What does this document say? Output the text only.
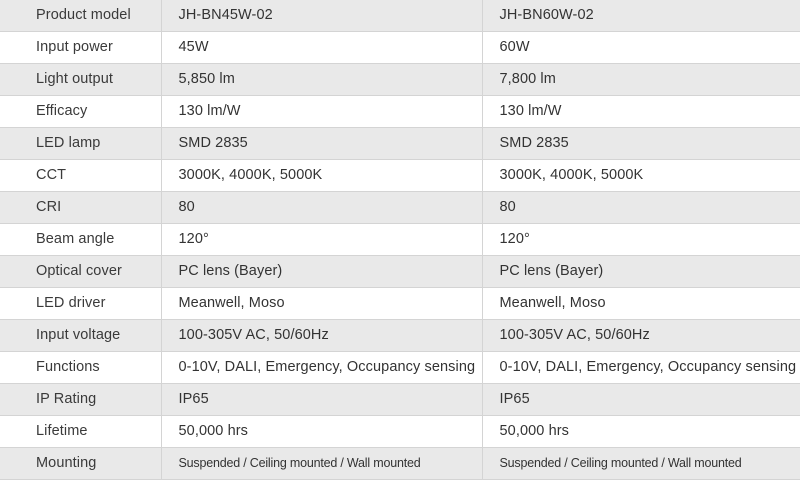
Product model	JH-BN45W-02	JH-BN60W-02
Input power	45W	60W
Light output	5,850 lm	7,800 lm
Efficacy	130 lm/W	130 lm/W
LED lamp	SMD 2835	SMD 2835
CCT	3000K, 4000K, 5000K	3000K, 4000K, 5000K
CRI	80	80
Beam angle	120°	120°
Optical cover	PC lens (Bayer)	PC lens (Bayer)
LED driver	Meanwell, Moso	Meanwell, Moso
Input voltage	100-305V AC, 50/60Hz	100-305V AC, 50/60Hz
Functions	0-10V, DALI, Emergency, Occupancy sensing	0-10V, DALI, Emergency, Occupancy sensing
IP Rating	IP65	IP65
Lifetime	50,000 hrs	50,000 hrs
Mounting	Suspended / Ceiling mounted / Wall mounted	Suspended / Ceiling mounted / Wall mounted
